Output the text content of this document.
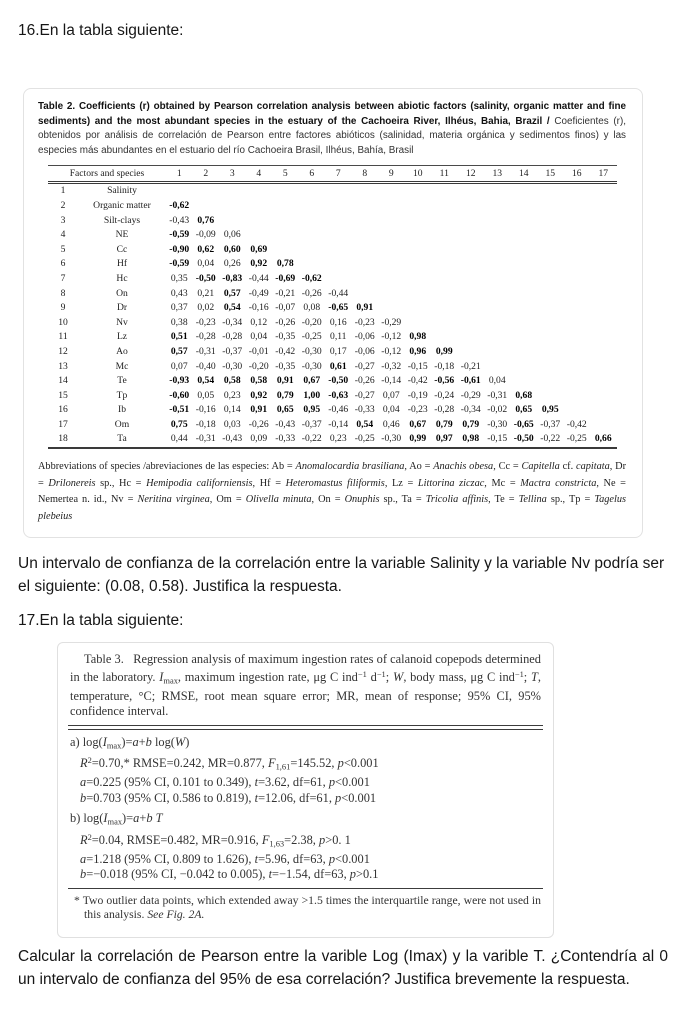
16.En la tabla siguiente:
Table 2. Coefficients (r) obtained by Pearson correlation analysis between abiotic factors (salinity, organic matter and fine sediments) and the most abundant species in the estuary of the Cachoeira River, Ilhéus, Bahia, Brazil / Coeficientes (r), obtenidos por análisis de correlación de Pearson entre factores abióticos (salinidad, materia orgánica y sedimentos finos) y las especies más abundantes en el estuario del río Cachoeira Brasil, Ilhéus, Bahía, Brasil
Factors and species		1	2	3	4	5	6	7	8	9	10	11	12	13	14	15	16	17
1	Salinity																	
2	Organic matter	-0,62																
3	Silt-clays	-0,43	0,76															
4	NE	-0,59	-0,09	0,06														
5	Cc	-0,90	0,62	0,60	0,69													
6	Hf	-0,59	0,04	0,26	0,92	0,78												
7	Hc	0,35	-0,50	-0,83	-0,44	-0,69	-0,62											
8	On	0,43	0,21	0,57	-0,49	-0,21	-0,26	-0,44										
9	Dr	0,37	0,02	0,54	-0,16	-0,07	0,08	-0,65	0,91									
10	Nv	0,38	-0,23	-0,34	0,12	-0,26	-0,20	0,16	-0,23	-0,29								
11	Lz	0,51	-0,28	-0,28	0,04	-0,35	-0,25	0,11	-0,06	-0,12	0,98							
12	Ao	0,57	-0,31	-0,37	-0,01	-0,42	-0,30	0,17	-0,06	-0,12	0,96	0,99						
13	Mc	0,07	-0,40	-0,30	-0,20	-0,35	-0,30	0,61	-0,27	-0,32	-0,15	-0,18	-0,21					
14	Te	-0,93	0,54	0,58	0,58	0,91	0,67	-0,50	-0,26	-0,14	-0,42	-0,56	-0,61	0,04				
15	Tp	-0,60	0,05	0,23	0,92	0,79	1,00	-0,63	-0,27	0,07	-0,19	-0,24	-0,29	-0,31	0,68			
16	Ib	-0,51	-0,16	0,14	0,91	0,65	0,95	-0,46	-0,33	0,04	-0,23	-0,28	-0,34	-0,02	0,65	0,95		
17	Om	0,75	-0,18	0,03	-0,26	-0,43	-0,37	-0,14	0,54	0,46	0,67	0,79	0,79	-0,30	-0,65	-0,37	-0,42	
18	Ta	0,44	-0,31	-0,43	0,09	-0,33	-0,22	0,23	-0,25	-0,30	0,99	0,97	0,98	-0,15	-0,50	-0,22	-0,25	0,66
Abbreviations of species /abreviaciones de las especies: Ab = Anomalocardia brasiliana, Ao = Anachis obesa, Cc = Capitella cf. capitata, Dr = Drilonereis sp., Hc = Hemipodia californiensis, Hf = Heteromastus filiformis, Lz = Littorina ziczac, Mc = Mactra constricta, Ne = Nemertea n. id., Nv = Neritina virginea, Om = Olivella minuta, On = Onuphis sp., Ta = Tricolia affinis, Te = Tellina sp., Tp = Tagelus plebeius
Un intervalo de confianza de la correlación entre la variable Salinity y la variable Nv podría ser el siguiente: (0.08, 0.58). Justifica la respuesta.
17.En la tabla siguiente:
Table 3.  Regression analysis of maximum ingestion rates of calanoid copepods determined in the laboratory. $I_{max}$, maximum ingestion rate, μg C ind$^{-1}$ $d^{-1}$; W, body mass, μg C ind$^{-1}$; T, temperature, °C; RMSE, root mean square error; MR, mean of response; 95% CI, 95% confidence interval.
a) $\log(I_{max})=a+b$ log(W)
$R^2=0.70,*$ RMSE=0.242, MR=0.877, $F_{1,61}=145.52$, p<0.001
a=0.225 (95% CI, 0.101 to 0.349), t=3.62, df=61, p<0.001
b=0.703 (95% CI, 0.586 to 0.819), t=12.06, df=61, p<0.001
b) $\log(I_{max})=a+b$ T
$R^2=0.04$, RMSE=0.482, MR=0.916, $F_{1,63}=2.38$, p>0. 1
a=1.218 (95% CI, 0.809 to 1.626), t=5.96, df=63, p<0.001
b=−0.018 (95% CI, −0.042 to 0.005), t=−1.54, df=63, p>0.1
* Two outlier data points, which extended away >1.5 times the interquartile range, were not used in this analysis. See Fig. 2A.
Calcular la correlación de Pearson entre la varible Log (Imax) y la varible T. ¿Contendría al 0 un intervalo de confianza del 95% de esa correlación? Justifica brevemente la respuesta.
